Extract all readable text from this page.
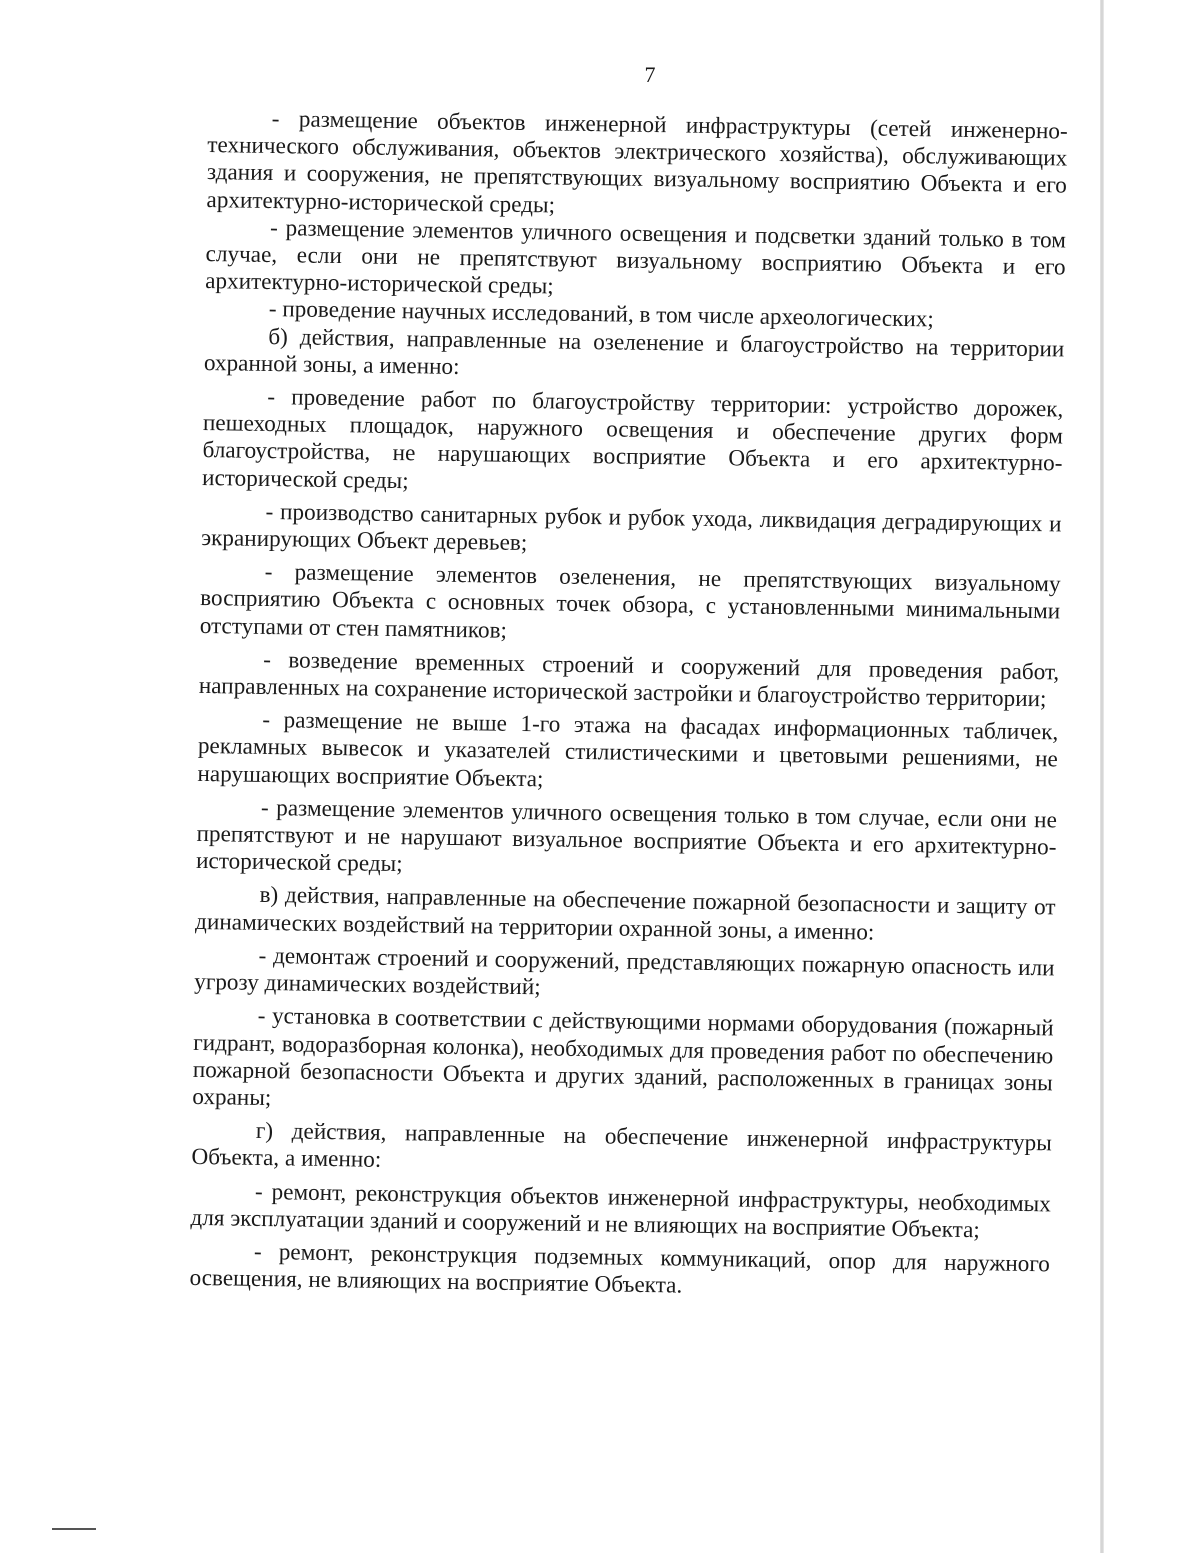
7

- размещение объектов инженерной инфраструктуры (сетей инженерно-технического обслуживания, объектов электрического хозяйства), обслуживающих здания и сооружения, не препятствующих визуальному восприятию Объекта и его архитектурно-исторической среды;

- размещение элементов уличного освещения и подсветки зданий только в том случае, если они не препятствуют визуальному восприятию Объекта и его архитектурно-исторической среды;

- проведение научных исследований, в том числе археологических;

б) действия, направленные на озеленение и благоустройство на территории охранной зоны, а именно:

- проведение работ по благоустройству территории: устройство дорожек, пешеходных площадок, наружного освещения и обеспечение других форм благоустройства, не нарушающих восприятие Объекта и его архитектурно-исторической среды;

- производство санитарных рубок и рубок ухода, ликвидация деградирующих и экранирующих Объект деревьев;

- размещение элементов озеленения, не препятствующих визуальному восприятию Объекта с основных точек обзора, с установленными минимальными отступами от стен памятников;

- возведение временных строений и сооружений для проведения работ, направленных на сохранение исторической застройки и благоустройство территории;

- размещение не выше 1-го этажа на фасадах информационных табличек, рекламных вывесок и указателей стилистическими и цветовыми решениями, не нарушающих восприятие Объекта;

- размещение элементов уличного освещения только в том случае, если они не препятствуют и не нарушают визуальное восприятие Объекта и его архитектурно-исторической среды;

в) действия, направленные на обеспечение пожарной безопасности и защиту от динамических воздействий на территории охранной зоны, а именно:

- демонтаж строений и сооружений, представляющих пожарную опасность или угрозу динамических воздействий;

- установка в соответствии с действующими нормами оборудования (пожарный гидрант, водоразборная колонка), необходимых для проведения работ по обеспечению пожарной безопасности Объекта и других зданий, расположенных в границах зоны охраны;

г) действия, направленные на обеспечение инженерной инфраструктуры Объекта, а именно:

- ремонт, реконструкция объектов инженерной инфраструктуры, необходимых для эксплуатации зданий и сооружений и не влияющих на восприятие Объекта;

- ремонт, реконструкция подземных коммуникаций, опор для наружного освещения, не влияющих на восприятие Объекта.
